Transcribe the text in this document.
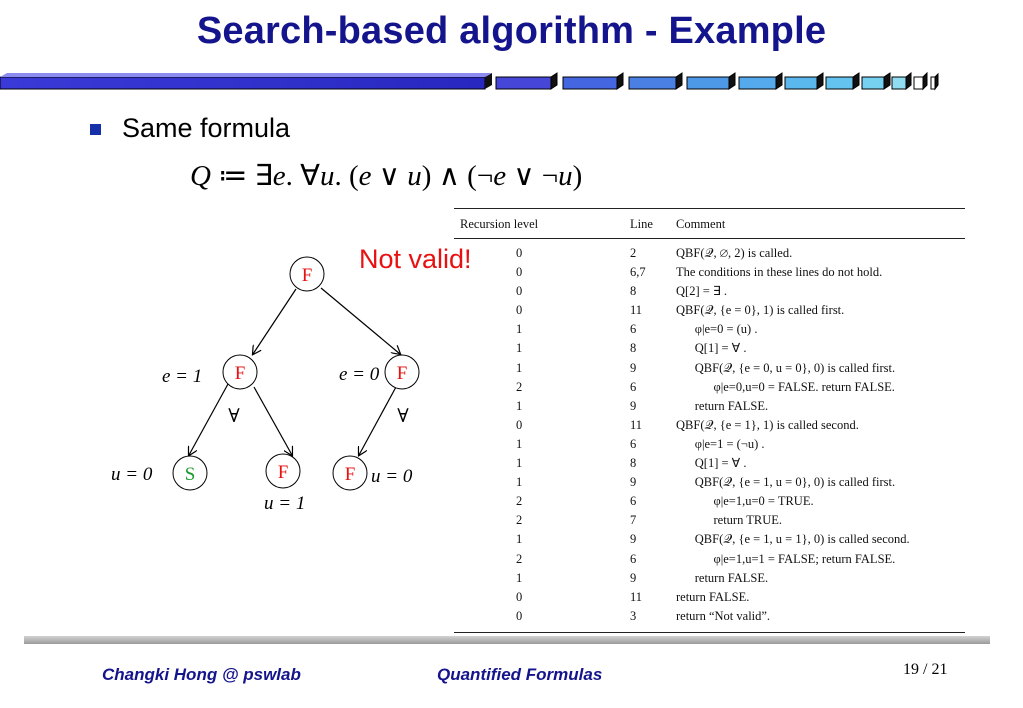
Search-based algorithm - Example
Same formula
Q ≔ ∃e. ∀u. (e ∨ u) ∧ (¬e ∨ ¬u)
F
F	F
S	F	F
e = 1	e = 0
u = 0
u = 1
u = 0
∀	∀
Not valid!
Recursion level	Line	Comment
0	2	QBF(𝒬, ∅, 2) is called.
0	6,7	The conditions in these lines do not hold.
0	8	Q[2] = ∃ .
0	11	QBF(𝒬, {e = 0}, 1) is called first.
1	6	φ|e=0 = (u) .
1	8	Q[1] = ∀ .
1	9	QBF(𝒬, {e = 0, u = 0}, 0) is called first.
2	6	φ|e=0,u=0 = FALSE. return FALSE.
1	9	return FALSE.
0	11	QBF(𝒬, {e = 1}, 1) is called second.
1	6	φ|e=1 = (¬u) .
1	8	Q[1] = ∀ .
1	9	QBF(𝒬, {e = 1, u = 0}, 0) is called first.
2	6	φ|e=1,u=0 = TRUE.
2	7	return TRUE.
1	9	QBF(𝒬, {e = 1, u = 1}, 0) is called second.
2	6	φ|e=1,u=1 = FALSE; return FALSE.
1	9	return FALSE.
0	11	return FALSE.
0	3	return “Not valid”.
Changki Hong @ pswlab	Quantified Formulas	19 / 21
